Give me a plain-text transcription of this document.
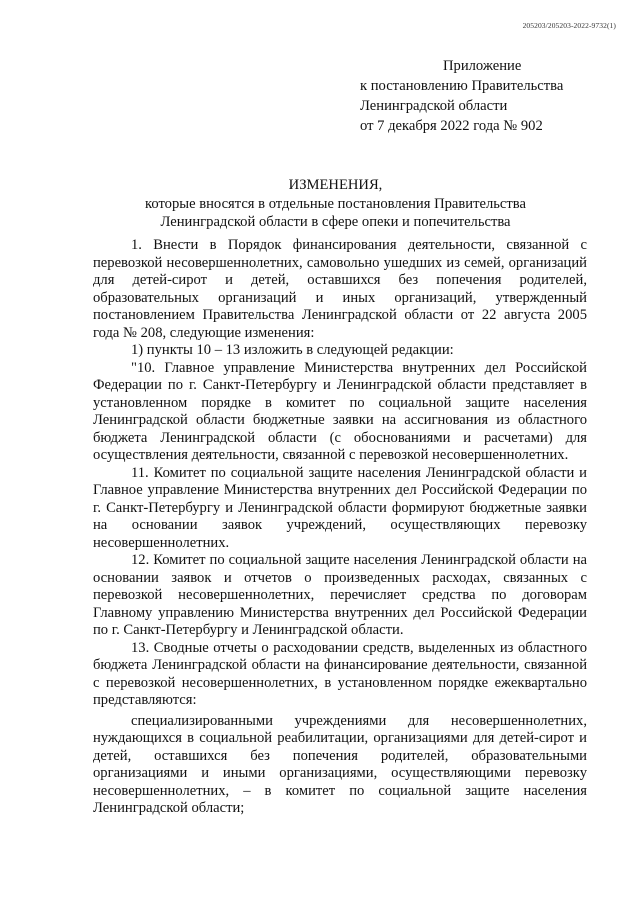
205203/205203-2022-9732(1)
Приложение
к постановлению Правительства
Ленинградской области
от 7 декабря 2022 года № 902
ИЗМЕНЕНИЯ,
которые вносятся в отдельные постановления Правительства
Ленинградской области в сфере опеки и попечительства

1. Внести в Порядок финансирования деятельности, связанной с перевозкой несовершеннолетних, самовольно ушедших из семей, организаций для детей-сирот и детей, оставшихся без попечения родителей, образовательных организаций и иных организаций, утвержденный постановлением Правительства Ленинградской области от 22 августа 2005 года № 208, следующие изменения:

1) пункты 10 – 13 изложить в следующей редакции:

"10. Главное управление Министерства внутренних дел Российской Федерации по г. Санкт-Петербургу и Ленинградской области представляет в установленном порядке в комитет по социальной защите населения Ленинградской области бюджетные заявки на ассигнования из областного бюджета Ленинградской области (с обоснованиями и расчетами) для осуществления деятельности, связанной с перевозкой несовершеннолетних.

11. Комитет по социальной защите населения Ленинградской области и Главное управление Министерства внутренних дел Российской Федерации по г. Санкт-Петербургу и Ленинградской области формируют бюджетные заявки на основании заявок учреждений, осуществляющих перевозку несовершеннолетних.

12. Комитет по социальной защите населения Ленинградской области на основании заявок и отчетов о произведенных расходах, связанных с перевозкой несовершеннолетних, перечисляет средства по договорам Главному управлению Министерства внутренних дел Российской Федерации по г. Санкт-Петербургу и Ленинградской области.

13. Сводные отчеты о расходовании средств, выделенных из областного бюджета Ленинградской области на финансирование деятельности, связанной с перевозкой несовершеннолетних, в установленном порядке ежеквартально представляются:

специализированными учреждениями для несовершеннолетних, нуждающихся в социальной реабилитации, организациями для детей-сирот и детей, оставшихся без попечения родителей, образовательными организациями и иными организациями, осуществляющими перевозку несовершеннолетних, – в комитет по социальной защите населения Ленинградской области;
